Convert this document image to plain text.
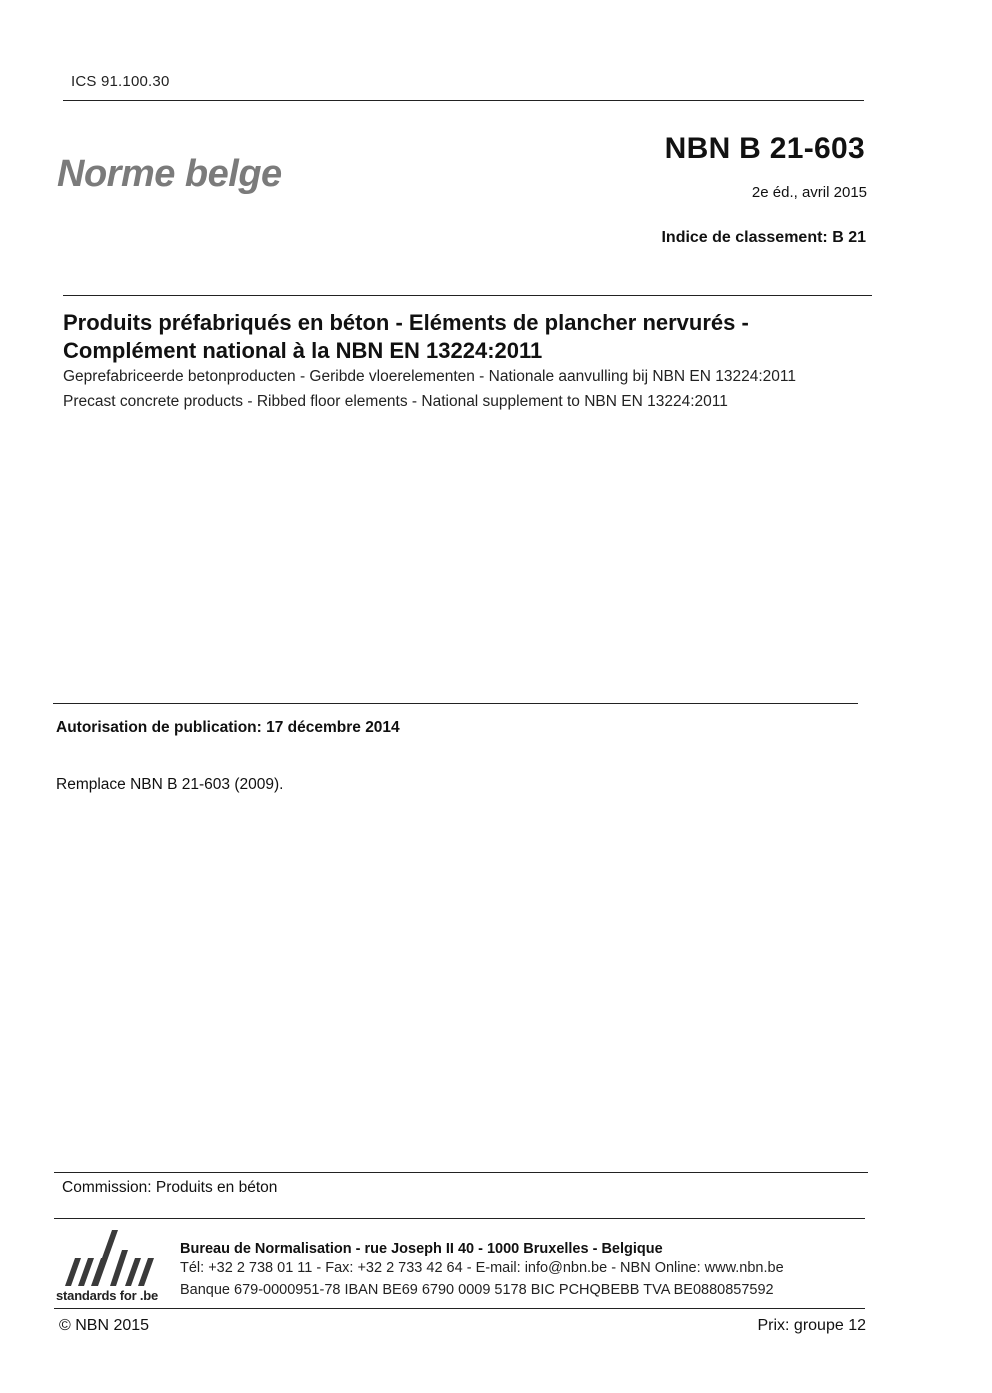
ICS 91.100.30
NBN B 21-603
Norme belge	2e éd., avril 2015
Indice de classement: B 21
Produits préfabriqués en béton - Eléments de plancher nervurés -
Complément national à la NBN EN 13224:2011
Geprefabriceerde betonproducten - Geribde vloerelementen - Nationale aanvulling bij NBN EN 13224:2011
Precast concrete products - Ribbed floor elements - National supplement to NBN EN 13224:2011
Autorisation de publication: 17 décembre 2014
Remplace NBN B 21-603 (2009).
Commission: Produits en béton
standards for .be
Bureau de Normalisation - rue Joseph II 40 - 1000 Bruxelles - Belgique
Tél: +32 2 738 01 11 - Fax: +32 2 733 42 64 - E-mail: info@nbn.be - NBN Online: www.nbn.be
Banque 679-0000951-78 IBAN BE69 6790 0009 5178 BIC PCHQBEBB TVA BE0880857592
© NBN 2015	Prix: groupe 12
